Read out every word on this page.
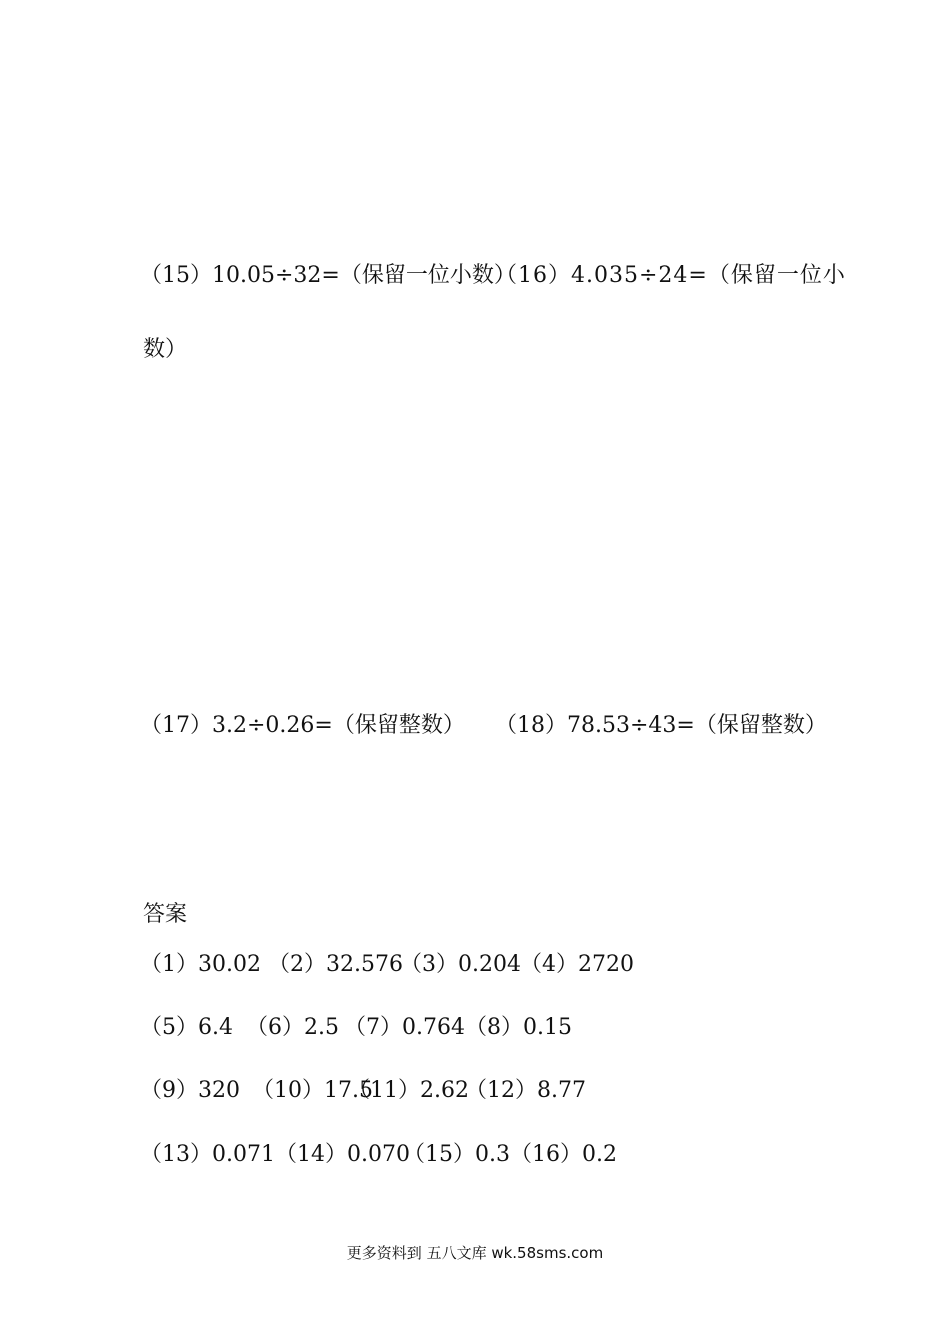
（15）10.05÷32=（保留一位小数）
（16）4.035÷24=（保留一位小
数）
（17）3.2÷0.26=（保留整数） （18）78.53÷43=（保留整数）
答案
（1）30.02 （2）32.576
（3）0.204 （4）2720
（5）6.4 （6）2.5 （7）0.764 （8）0.15
（9）320 （10）17.5
（11）2.62
（12）8.77
（13）0.071 （14）0.070
（15）0.3 （16）0.2
更多资料到 五八文库 wk.58sms.com
